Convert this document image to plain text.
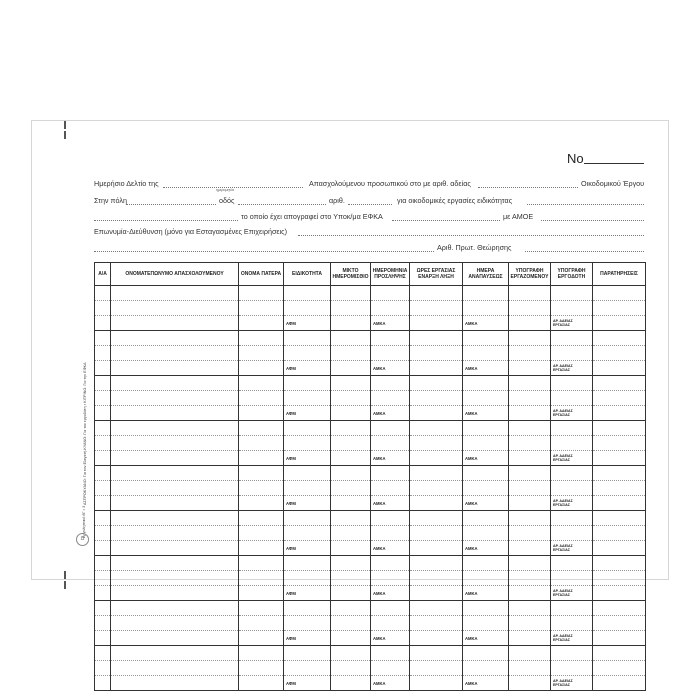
ΑΣΠΡΟΚΥΑΝΟ: Για τον Ελεγκτή-ΚΥΑΝΟ: Για τον εργοδότη • ΚΙΤΡΙΝΟ: Για την ΕΦΚΑ
Εργοληπτικό 8Γ • 3
Ω
Νο
Ημερήσιο Δελτίο της
ημερομηνία
Απασχολούμενου προσωπικού στο με αριθ. αδείας	Οικοδομικού Έργου
Στην πόλη	οδός	αριθ.	για οικοδομικές εργασίες ειδικότητας
το οποίο έχει απογραφεί στο Υποκ/μα ΕΦΚΑ	με ΑΜΟΕ
Επωνυμία-Διεύθυνση (μόνο για Εσταγασμένες Επιχειρήσεις)
Αριθ. Πρωτ. Θεώρησης
Α/Α	ΟΝΟΜΑΤΕΠΩΝΥΜΟ ΑΠΑΣΧΟΛΟΥΜΕΝΟΥ	ΟΝΟΜΑ ΠΑΤΕΡΑ	ΕΙΔΙΚΟΤΗΤΑ	ΜΙΚΤΟ ΗΜΕΡΟΜΙΣΘΙΟ	ΗΜΕΡΟΜΗΝΙΑ ΠΡΟΣΛΗΨΗΣ	ΩΡΕΣ ΕΡΓΑΣΙΑΣ ΕΝΑΡΞΗ ΛΗΞΗ	ΗΜΕΡΑ ΑΝΑΠΑΥΣΕΩΣ	ΥΠΟΓΡΑΦΗ ΕΡΓΑΖΟΜΕΝΟΥ	ΥΠΟΓΡΑΦΗ ΕΡΓΟΔΟΤΗ	ΠΑΡΑΤΗΡΗΣΕΙΣ

			ΑΦΜ		ΑΜΚΑ		ΑΜΚΑ		ΑΡ. ΑΔΕΙΑΣ ΕΡΓΑΣΙΑΣ	

			ΑΦΜ		ΑΜΚΑ		ΑΜΚΑ		ΑΡ. ΑΔΕΙΑΣ ΕΡΓΑΣΙΑΣ	

			ΑΦΜ		ΑΜΚΑ		ΑΜΚΑ		ΑΡ. ΑΔΕΙΑΣ ΕΡΓΑΣΙΑΣ	

			ΑΦΜ		ΑΜΚΑ		ΑΜΚΑ		ΑΡ. ΑΔΕΙΑΣ ΕΡΓΑΣΙΑΣ	

			ΑΦΜ		ΑΜΚΑ		ΑΜΚΑ		ΑΡ. ΑΔΕΙΑΣ ΕΡΓΑΣΙΑΣ	

			ΑΦΜ		ΑΜΚΑ		ΑΜΚΑ		ΑΡ. ΑΔΕΙΑΣ ΕΡΓΑΣΙΑΣ	

			ΑΦΜ		ΑΜΚΑ		ΑΜΚΑ		ΑΡ. ΑΔΕΙΑΣ ΕΡΓΑΣΙΑΣ	

			ΑΦΜ		ΑΜΚΑ		ΑΜΚΑ		ΑΡ. ΑΔΕΙΑΣ ΕΡΓΑΣΙΑΣ	

			ΑΦΜ		ΑΜΚΑ		ΑΜΚΑ		ΑΡ. ΑΔΕΙΑΣ ΕΡΓΑΣΙΑΣ	
